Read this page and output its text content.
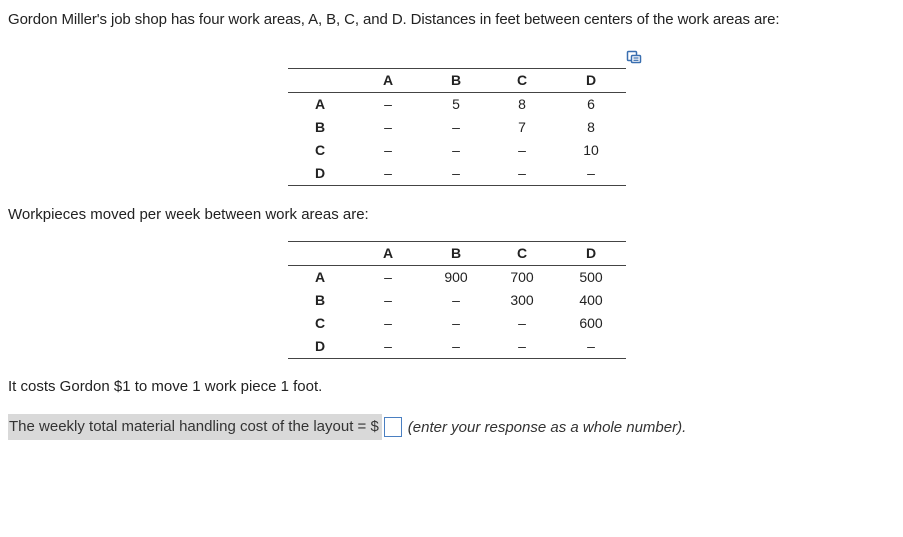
Gordon Miller's job shop has four work areas, A, B, C, and D. Distances in feet between centers of the work areas are:
	A	B	C	D
A	–	5	8	6
B	–	–	7	8
C	–	–	–	10
D	–	–	–	–
Workpieces moved per week between work areas are:
	A	B	C	D
A	–	900	700	500
B	–	–	300	400
C	–	–	–	600
D	–	–	–	–
It costs Gordon $1 to move 1 work piece 1 foot.
The weekly total material handling cost of the layout = $ (enter your response as a whole number).
